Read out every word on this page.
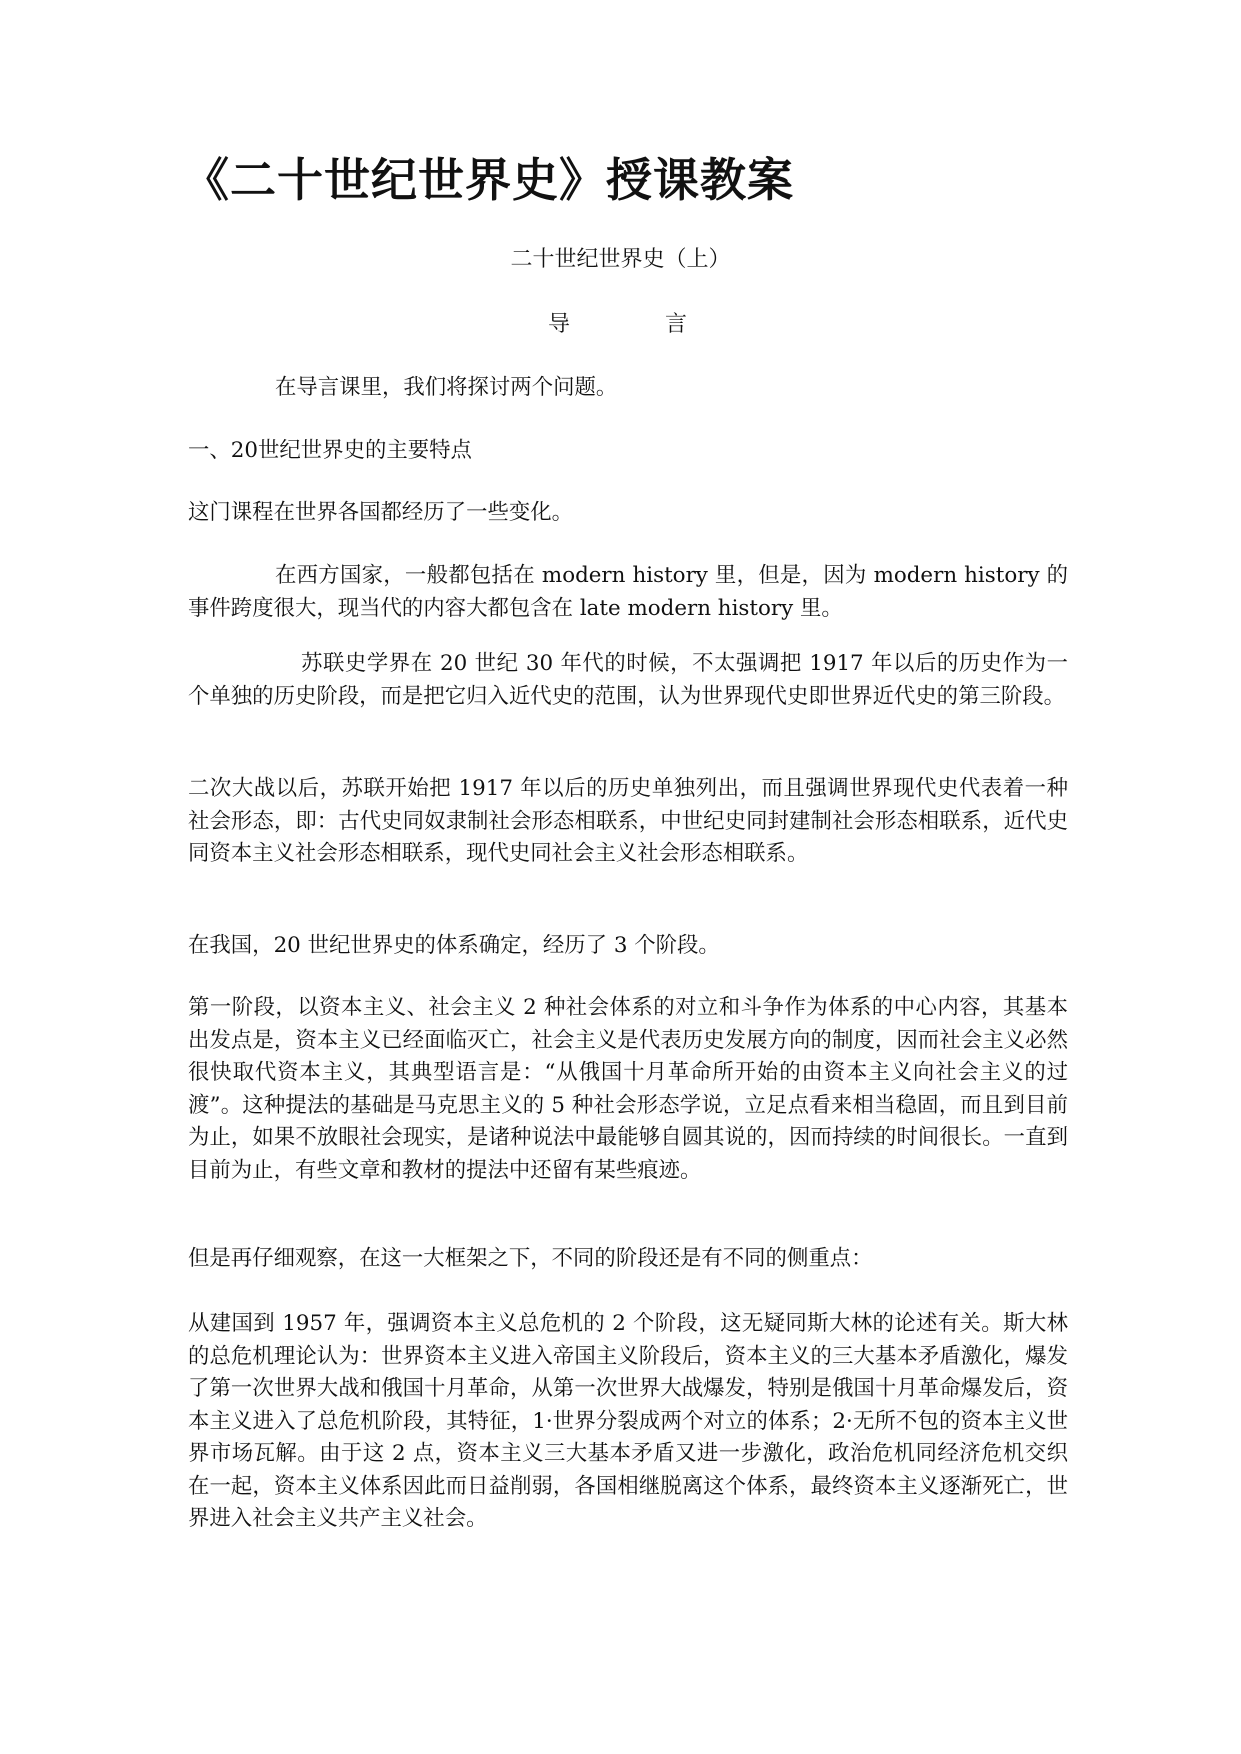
《二十世纪世界史》授课教案

二十世纪世界史（上）

导	言

在导言课里，我们将探讨两个问题。

一、20世纪世界史的主要特点

这门课程在世界各国都经历了一些变化。

在西方国家，一般都包括在 modern history 里，但是，因为 modern history 的事件跨度很大，现当代的内容大都包含在 late modern history 里。

苏联史学界在 20 世纪 30 年代的时候，不太强调把 1917 年以后的历史作为一个单独的历史阶段，而是把它归入近代史的范围，认为世界现代史即世界近代史的第三阶段。

二次大战以后，苏联开始把 1917 年以后的历史单独列出，而且强调世界现代史代表着一种社会形态，即：古代史同奴隶制社会形态相联系，中世纪史同封建制社会形态相联系，近代史同资本主义社会形态相联系，现代史同社会主义社会形态相联系。

在我国，20 世纪世界史的体系确定，经历了 3 个阶段。

第一阶段，以资本主义、社会主义 2 种社会体系的对立和斗争作为体系的中心内容，其基本出发点是，资本主义已经面临灭亡，社会主义是代表历史发展方向的制度，因而社会主义必然很快取代资本主义，其典型语言是：“从俄国十月革命所开始的由资本主义向社会主义的过渡”。这种提法的基础是马克思主义的 5 种社会形态学说，立足点看来相当稳固，而且到目前为止，如果不放眼社会现实，是诸种说法中最能够自圆其说的，因而持续的时间很长。一直到目前为止，有些文章和教材的提法中还留有某些痕迹。

但是再仔细观察，在这一大框架之下，不同的阶段还是有不同的侧重点：

从建国到 1957 年，强调资本主义总危机的 2 个阶段，这无疑同斯大林的论述有关。斯大林的总危机理论认为：世界资本主义进入帝国主义阶段后，资本主义的三大基本矛盾激化，爆发了第一次世界大战和俄国十月革命，从第一次世界大战爆发，特别是俄国十月革命爆发后，资本主义进入了总危机阶段，其特征，1·世界分裂成两个对立的体系；2·无所不包的资本主义世界市场瓦解。由于这 2 点，资本主义三大基本矛盾又进一步激化，政治危机同经济危机交织在一起，资本主义体系因此而日益削弱，各国相继脱离这个体系，最终资本主义逐渐死亡，世界进入社会主义共产主义社会。
